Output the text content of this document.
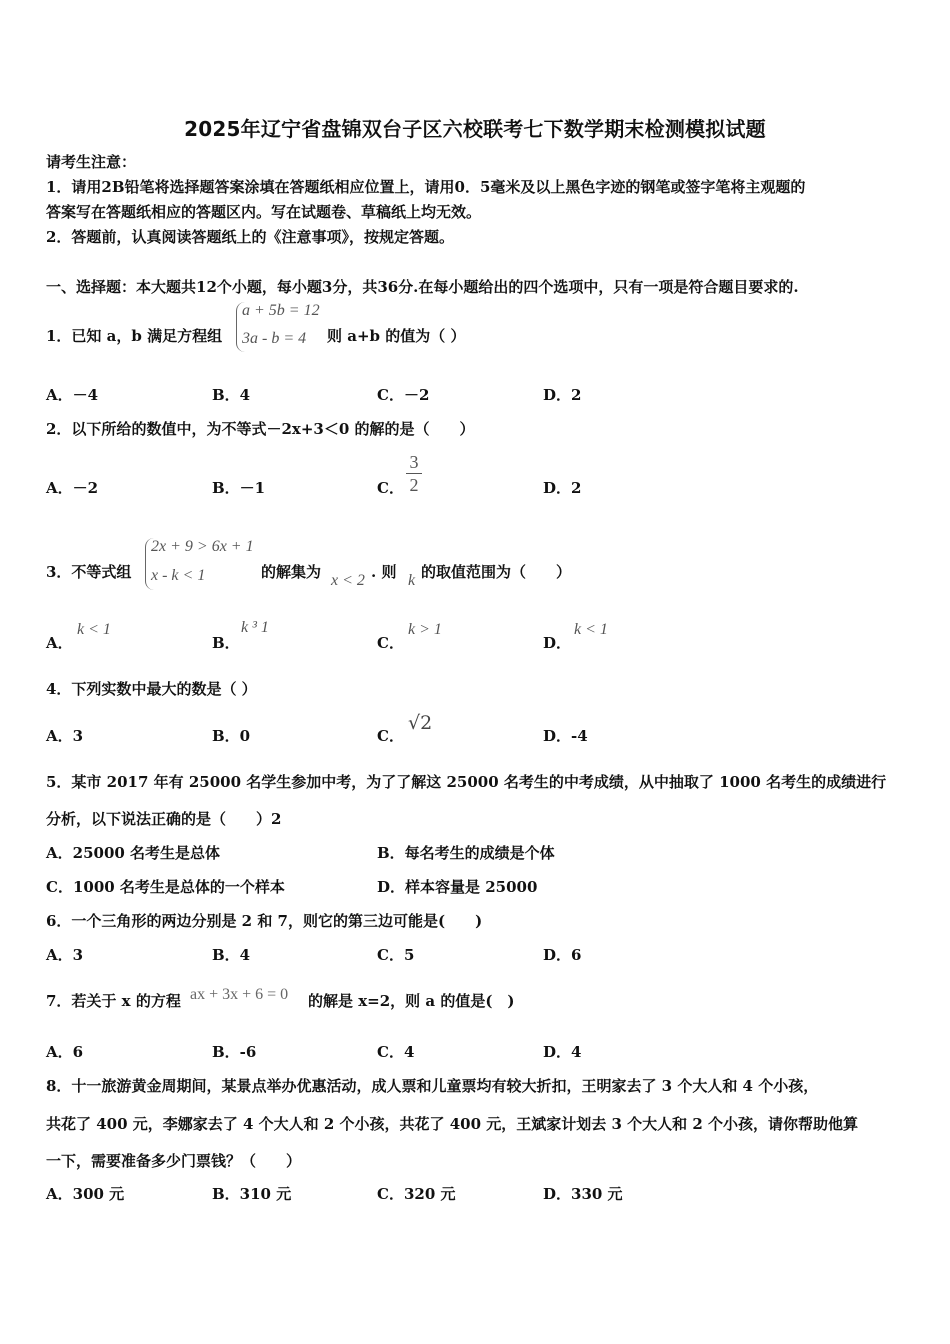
2025年辽宁省盘锦双台子区六校联考七下数学期末检测模拟试题
请考生注意：
1．请用2B铅笔将选择题答案涂填在答题纸相应位置上，请用0．5毫米及以上黑色字迹的钢笔或签字笔将主观题的
答案写在答题纸相应的答题区内。写在试题卷、草稿纸上均无效。
2．答题前，认真阅读答题纸上的《注意事项》，按规定答题。
一、选择题：本大题共12个小题，每小题3分，共36分.在每小题给出的四个选项中，只有一项是符合题目要求的.
1．已知 a，b 满足方程组
a + 5b = 12
3a - b = 4 则 a+b 的值为（ ）
A．－4	B．4	C．－2	D．2
2．以下所给的数值中，为不等式－2x+3＜0 的解的是（　　）
A．－2	B．－1	C．
3
2	D．2
3．不等式组
2x + 9 > 6x + 1
x - k < 1	的解集为 x < 2 . 则 k 的取值范围为（　　）
A．
k < 1
B．
k ³ 1
C．
k > 1
D．
k < 1
4．下列实数中最大的数是（ ）
A．3	B．0	C．
√2
D．-4
5．某市 2017 年有 25000 名学生参加中考，为了了解这 25000 名考生的中考成绩，从中抽取了 1000 名考生的成绩进行
分析，以下说法正确的是（　　）2
A．25000 名考生是总体	B．每名考生的成绩是个体
C．1000 名考生是总体的一个样本	D．样本容量是 25000
6．一个三角形的两边分别是 2 和 7，则它的第三边可能是(　　)
A．3	B．4	C．5	D．6
7．若关于 x 的方程 ax + 3x + 6 = 0 的解是 x=2，则 a 的值是(　)
A．6	B．-6	C．4	D．4
8．十一旅游黄金周期间，某景点举办优惠活动，成人票和儿童票均有较大折扣，王明家去了 3 个大人和 4 个小孩，
共花了 400 元，李娜家去了 4 个大人和 2 个小孩，共花了 400 元，王斌家计划去 3 个大人和 2 个小孩，请你帮助他算
一下，需要准备多少门票钱？（　　）
A．300 元	B．310 元	C．320 元	D．330 元
